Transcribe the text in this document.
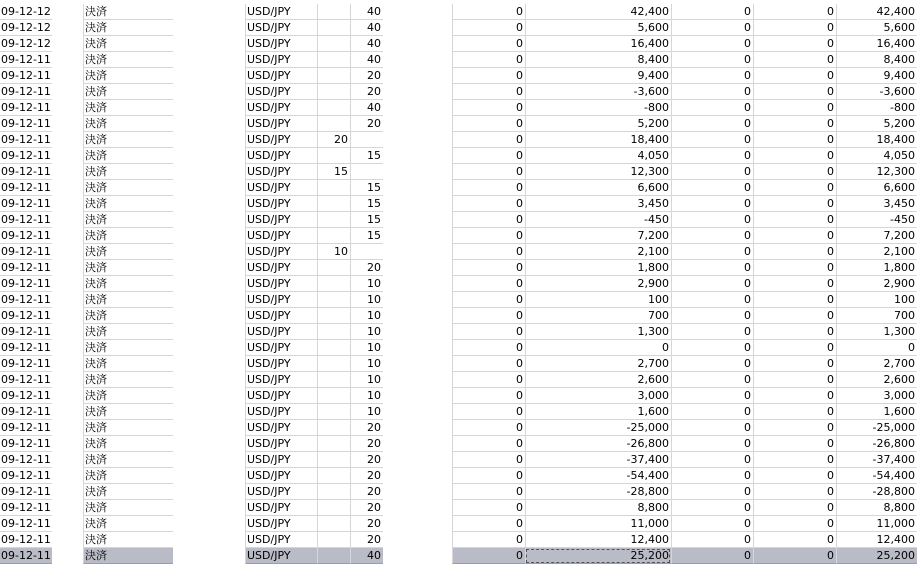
09-12-12	決済	USD/JPY	40	0	42,400	0	0	42,400
09-12-12	決済	USD/JPY	40	0	5,600	0	0	5,600
09-12-12	決済	USD/JPY	40	0	16,400	0	0	16,400
09-12-11	決済	USD/JPY	40	0	8,400	0	0	8,400
09-12-11	決済	USD/JPY	20	0	9,400	0	0	9,400
09-12-11	決済	USD/JPY	20	0	-3,600	0	0	-3,600
09-12-11	決済	USD/JPY	40	0	-800	0	0	-800
09-12-11	決済	USD/JPY	20	0	5,200	0	0	5,200
09-12-11	決済	USD/JPY	20	0	18,400	0	0	18,400
09-12-11	決済	USD/JPY	15	0	4,050	0	0	4,050
09-12-11	決済	USD/JPY	15	0	12,300	0	0	12,300
09-12-11	決済	USD/JPY	15	0	6,600	0	0	6,600
09-12-11	決済	USD/JPY	15	0	3,450	0	0	3,450
09-12-11	決済	USD/JPY	15	0	-450	0	0	-450
09-12-11	決済	USD/JPY	15	0	7,200	0	0	7,200
09-12-11	決済	USD/JPY	10	0	2,100	0	0	2,100
09-12-11	決済	USD/JPY	20	0	1,800	0	0	1,800
09-12-11	決済	USD/JPY	10	0	2,900	0	0	2,900
09-12-11	決済	USD/JPY	10	0	100	0	0	100
09-12-11	決済	USD/JPY	10	0	700	0	0	700
09-12-11	決済	USD/JPY	10	0	1,300	0	0	1,300
09-12-11	決済	USD/JPY	10	0	0	0	0	0
09-12-11	決済	USD/JPY	10	0	2,700	0	0	2,700
09-12-11	決済	USD/JPY	10	0	2,600	0	0	2,600
09-12-11	決済	USD/JPY	10	0	3,000	0	0	3,000
09-12-11	決済	USD/JPY	10	0	1,600	0	0	1,600
09-12-11	決済	USD/JPY	20	0	-25,000	0	0	-25,000
09-12-11	決済	USD/JPY	20	0	-26,800	0	0	-26,800
09-12-11	決済	USD/JPY	20	0	-37,400	0	0	-37,400
09-12-11	決済	USD/JPY	20	0	-54,400	0	0	-54,400
09-12-11	決済	USD/JPY	20	0	-28,800	0	0	-28,800
09-12-11	決済	USD/JPY	20	0	8,800	0	0	8,800
09-12-11	決済	USD/JPY	20	0	11,000	0	0	11,000
09-12-11	決済	USD/JPY	20	0	12,400	0	0	12,400
09-12-11	決済	USD/JPY	40	0	25,200	0	0	25,200
